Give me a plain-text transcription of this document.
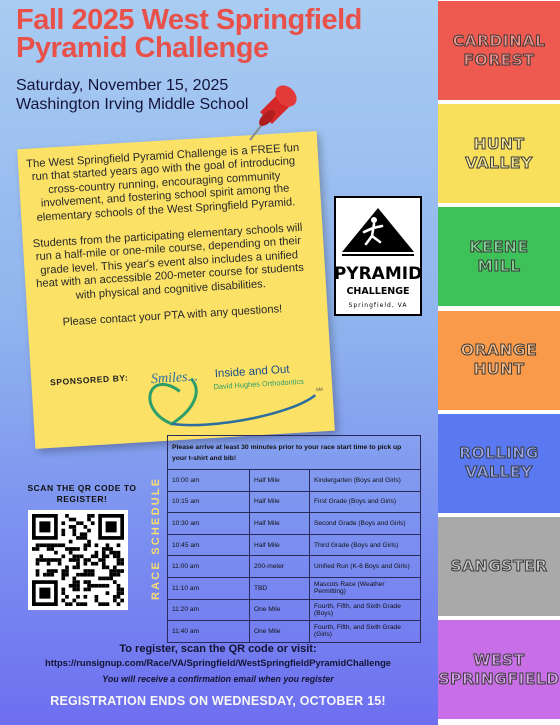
Fall 2025 West Springfield Pyramid Challenge
Saturday, November 15, 2025
Washington Irving Middle School

The West Springfield Pyramid Challenge is a FREE fun run that started years ago with the goal of introducing cross-country running, encouraging community involvement, and fostering school spirit among the elementary schools of the West Springfield Pyramid.

Students from the participating elementary schools will run a half-mile or one-mile course, depending on their grade level. This year's event also includes a unified heat with an accessible 200-meter course for students with physical and cognitive disabilities.

Please contact your PTA with any questions!

SPONSORED BY: Smiles... Inside and Out
David Hughes Orthodontics	SM
PYRAMID
CHALLENGE
Springfield, VA
SCAN THE QR CODE TO REGISTER!	RACE SCHEDULE
Please arrive at least 30 minutes prior to your race start time to pick up your t-shirt and bib!		
10:00 am	Half Mile	Kindergarten (Boys and Girls)
10:15 am	Half Mile	First Grade (Boys and Girls)
10:30 am	Half Mile	Second Grade (Boys and Girls)
10:45 am	Half Mile	Third Grade (Boys and Girls)
11:00 am	200-meter	Unified Run (K-6 Boys and Girls)
11:10 am	TBD	Mascots Race (Weather Permitting)
11:20 am	One Mile	Fourth, Fifth, and Sixth Grade (Boys)
11:40 am	One Mile	Fourth, Fifth, and Sixth Grade (Girls)
To register, scan the QR code or visit:
https://runsignup.com/Race/VA/Springfield/WestSpringfieldPyramidChallenge
You will receive a confirmation email when you register
REGISTRATION ENDS ON WEDNESDAY, OCTOBER 15!
CARDINAL
FOREST
HUNT
VALLEY
KEENE
MILL
ORANGE
HUNT
ROLLING
VALLEY
SANGSTER
WEST
SPRINGFIELD
